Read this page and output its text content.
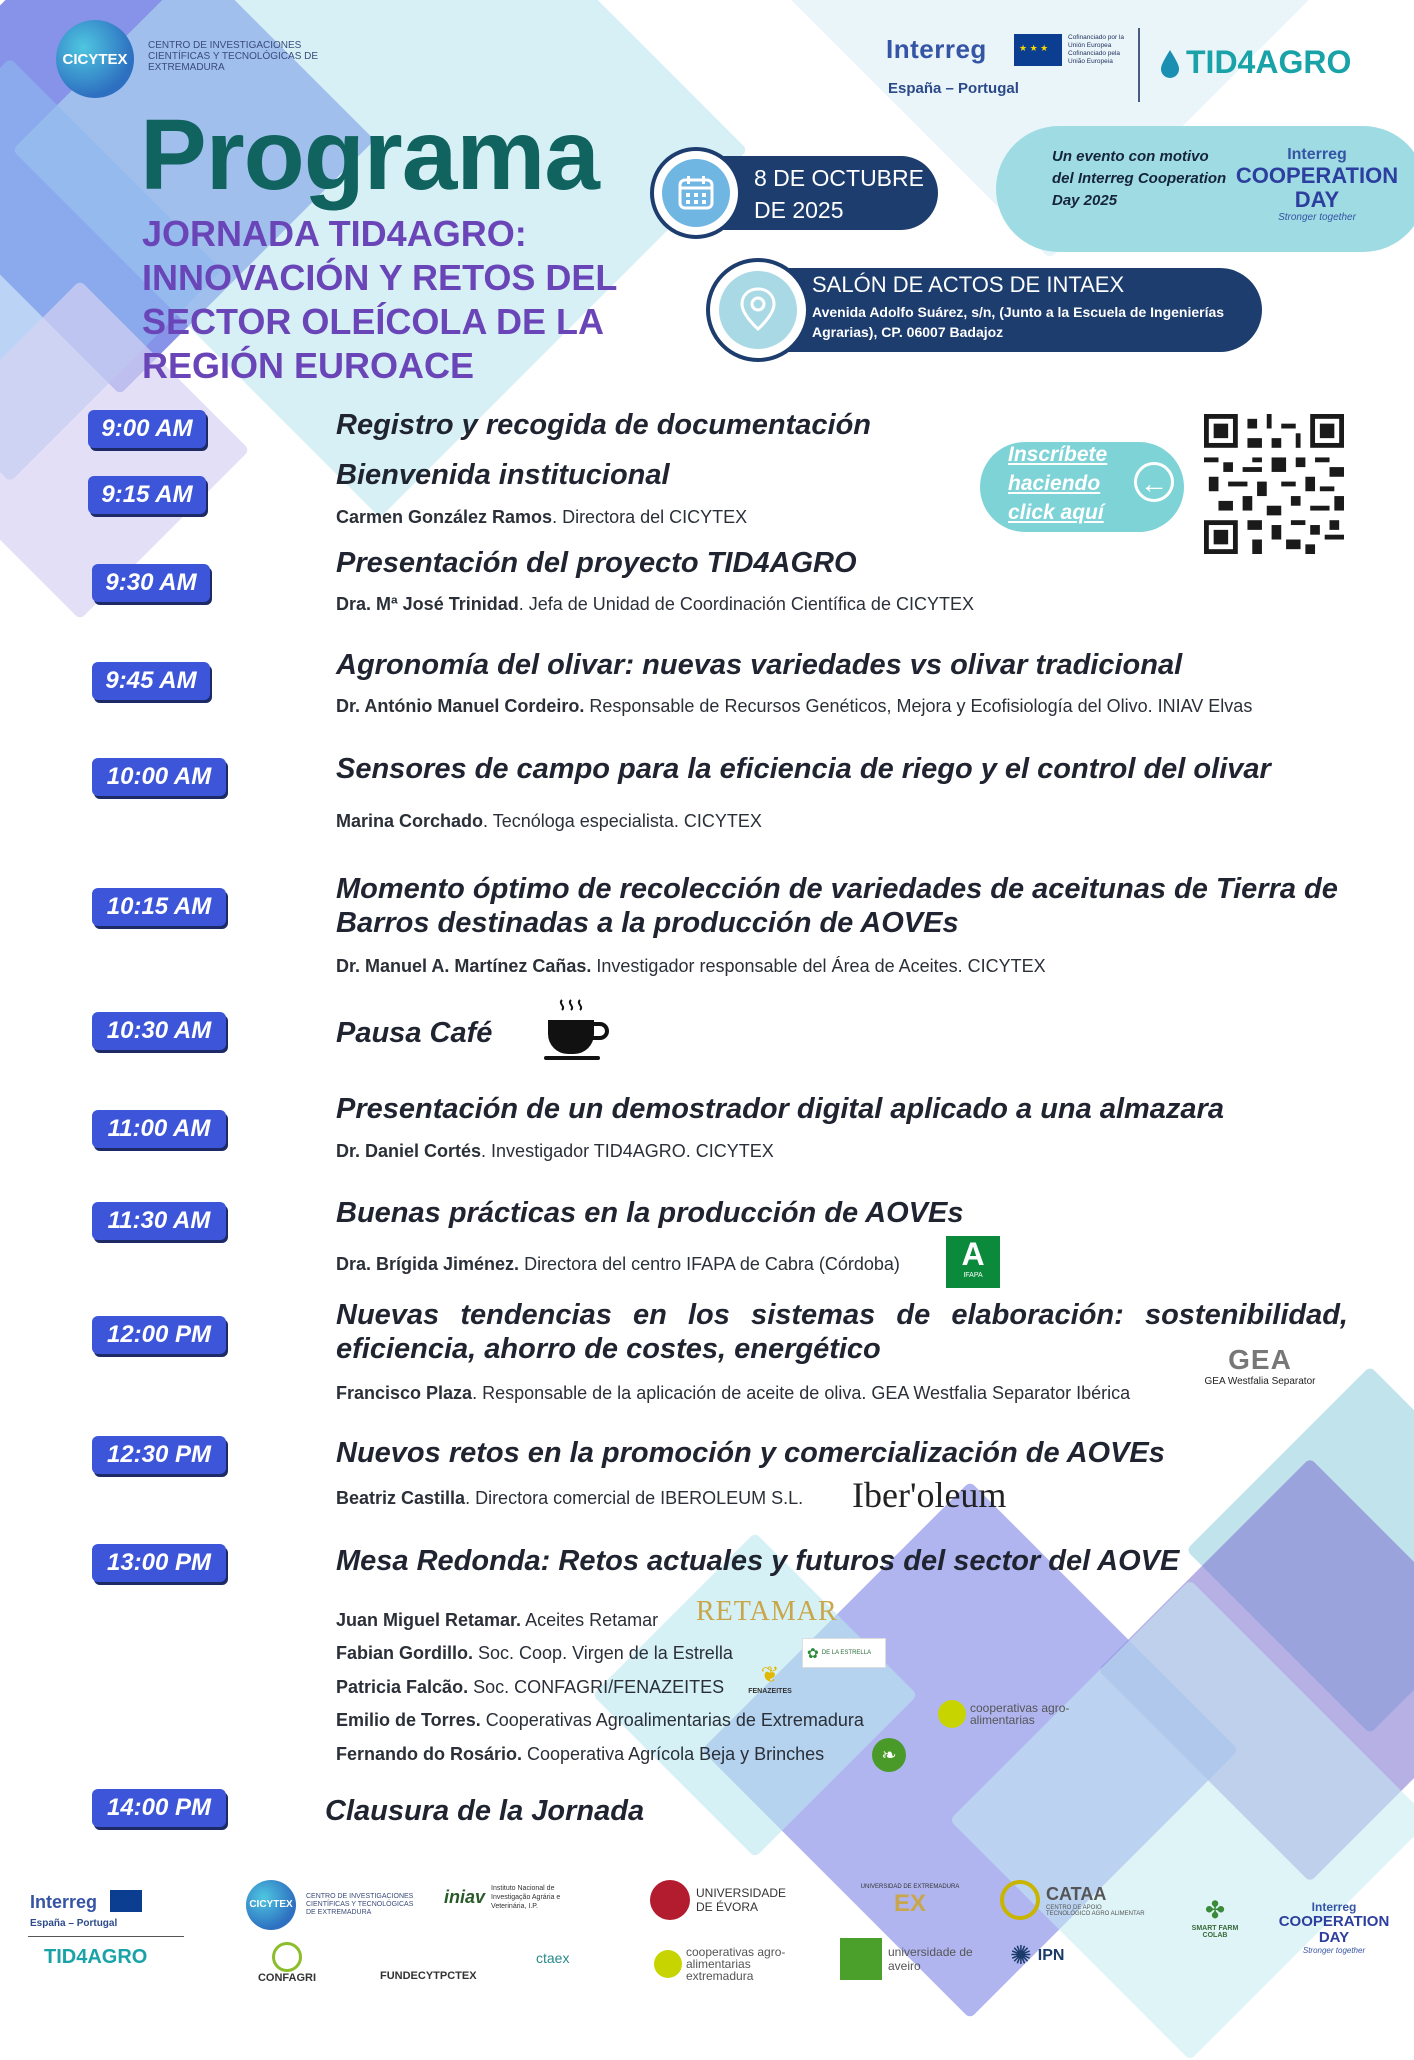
CICYTEX
CENTRO DE INVESTIGACIONES CIENTÍFICAS Y TECNOLÓGICAS DE EXTREMADURA
Interreg
★ ★ ★	Cofinanciado por la Unión Europea Cofinanciado pela União Europeia
España – Portugal
TID4AGRO
Programa
JORNADA TID4AGRO: INNOVACIÓN Y RETOS DEL SECTOR OLEÍCOLA DE LA REGIÓN EUROACE
8 DE OCTUBRE DE 2025
SALÓN DE ACTOS DE INTAEX
Avenida Adolfo Suárez, s/n, (Junto a la Escuela de Ingenierías Agrarias), CP. 06007 Badajoz
Un evento con motivo del Interreg Cooperation Day 2025
Interreg
COOPERATION DAY
Stronger together
Inscríbete haciendo click aquí
←
9:00 AM
9:15 AM
9:30 AM
9:45 AM
10:00 AM
10:15 AM
10:30 AM
11:00 AM
11:30 AM
12:00 PM
12:30 PM
13:00 PM
14:00 PM
Registro y recogida de documentación
Bienvenida institucional
Presentación del proyecto TID4AGRO
Agronomía del olivar: nuevas variedades vs olivar tradicional
Sensores de campo para la eficiencia de riego y el control del olivar
Momento óptimo de recolección de variedades de aceitunas de Tierra de Barros destinadas a la producción de AOVEs
Pausa Café
Presentación de un demostrador digital aplicado a una almazara
Buenas prácticas en la producción de AOVEs
Nuevas tendencias en los sistemas de elaboración: sostenibilidad, eficiencia, ahorro de costes, energético
Nuevos retos en la promoción y comercialización de AOVEs
Mesa Redonda: Retos actuales y futuros del sector del AOVE
Clausura de la Jornada
Carmen González Ramos. Directora del CICYTEX
Dra. Mª José Trinidad. Jefa de Unidad de Coordinación Científica de CICYTEX
Dr. António Manuel Cordeiro. Responsable de Recursos Genéticos, Mejora y Ecofisiología del Olivo. INIAV Elvas
Marina Corchado. Tecnóloga especialista. CICYTEX
Dr. Manuel A. Martínez Cañas. Investigador responsable del Área de Aceites. CICYTEX
Dr. Daniel Cortés. Investigador TID4AGRO. CICYTEX
Dra. Brígida Jiménez. Directora del centro IFAPA de Cabra (Córdoba)
Francisco Plaza. Responsable de la aplicación de aceite de oliva. GEA Westfalia Separator Ibérica
Beatriz Castilla. Directora comercial de IBEROLEUM S.L.
A
IFAPA
GEA
GEA Westfalia Separator
Iber'oleum
RETAMAR
✿ DE LA ESTRELLA
❦
FENAZEITES
cooperativas agro-alimentarias
❧
Juan Miguel Retamar. Aceites Retamar
Fabian Gordillo. Soc. Coop. Virgen de la Estrella
Patricia Falcão. Soc. CONFAGRI/FENAZEITES
Emilio de Torres. Cooperativas Agroalimentarias de Extremadura
Fernando do Rosário. Cooperativa Agrícola Beja y Brinches
Interreg
España – Portugal
TID4AGRO
CICYTEX
CENTRO DE INVESTIGACIONES CIENTÍFICAS Y TECNOLÓGICAS DE EXTREMADURA
CONFAGRI
iniav Instituto Nacional de Investigação Agrária e Veterinária, I.P.
FUNDECYTPCTEX
ctaex
UNIVERSIDADE DE ÉVORA
cooperativas agro-alimentarias extremadura
UNIVERSIDAD DE EXTREMADURA
EX
universidade de aveiro
CATAA
CENTRO DE APOIO TECNOLÓGICO AGRO ALIMENTAR
✺ IPN
✤
SMART FARM COLAB
Interreg
COOPERATION DAY
Stronger together
